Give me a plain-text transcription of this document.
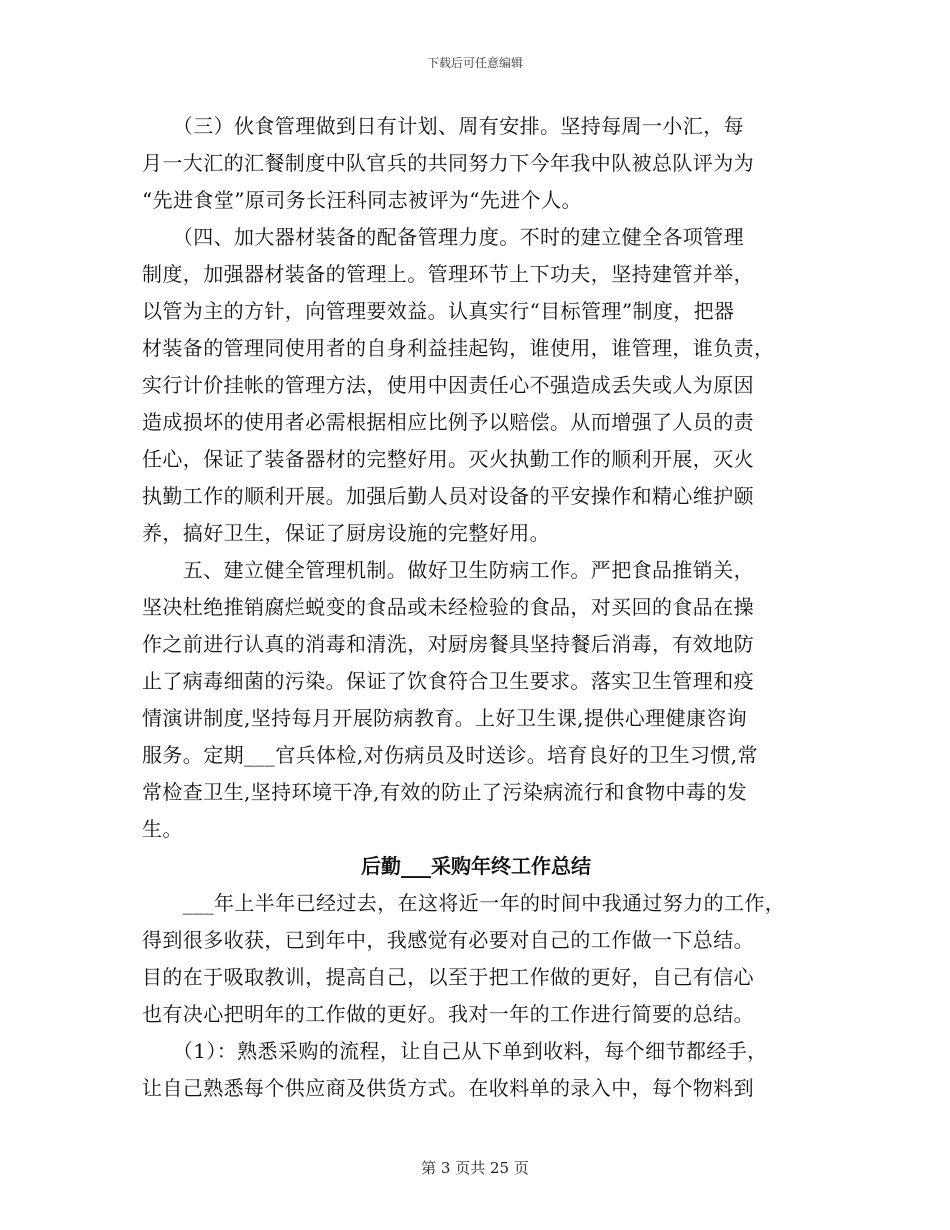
下载后可任意编辑
　　（三）伙食管理做到日有计划、周有安排。坚持每周一小汇，每
月一大汇的汇餐制度中队官兵的共同努力下今年我中队被总队评为为
“先进食堂”原司务长汪科同志被评为“先进个人。
　　（四、加大器材装备的配备管理力度。不时的建立健全各项管理
制度，加强器材装备的管理上。管理环节上下功夫，坚持建管并举，
以管为主的方针，向管理要效益。认真实行“目标管理”制度，把器
材装备的管理同使用者的自身利益挂起钩，谁使用，谁管理，谁负责，
实行计价挂帐的管理方法，使用中因责任心不强造成丢失或人为原因
造成损坏的使用者必需根据相应比例予以赔偿。从而增强了人员的责
任心，保证了装备器材的完整好用。灭火执勤工作的顺利开展，灭火
执勤工作的顺利开展。加强后勤人员对设备的平安操作和精心维护颐
养，搞好卫生，保证了厨房设施的完整好用。
　　五、建立健全管理机制。做好卫生防病工作。严把食品推销关，
坚决杜绝推销腐烂蜕变的食品或未经检验的食品，对买回的食品在操
作之前进行认真的消毒和清洗，对厨房餐具坚持餐后消毒，有效地防
止了病毒细菌的污染。保证了饮食符合卫生要求。落实卫生管理和疫
情演讲制度,坚持每月开展防病教育。上好卫生课,提供心理健康咨询
服务。定期___官兵体检,对伤病员及时送诊。培育良好的卫生习惯,常
常检查卫生,坚持环境干净,有效的防止了污染病流行和食物中毒的发
生。
后勤___采购年终工作总结
　　___年上半年已经过去，在这将近一年的时间中我通过努力的工作，
得到很多收获，已到年中，我感觉有必要对自己的工作做一下总结。
目的在于吸取教训，提高自己，以至于把工作做的更好，自己有信心
也有决心把明年的工作做的更好。我对一年的工作进行简要的总结。
　　（1）：熟悉采购的流程，让自己从下单到收料，每个细节都经手，
让自己熟悉每个供应商及供货方式。在收料单的录入中，每个物料到
第 3 页共 25 页
